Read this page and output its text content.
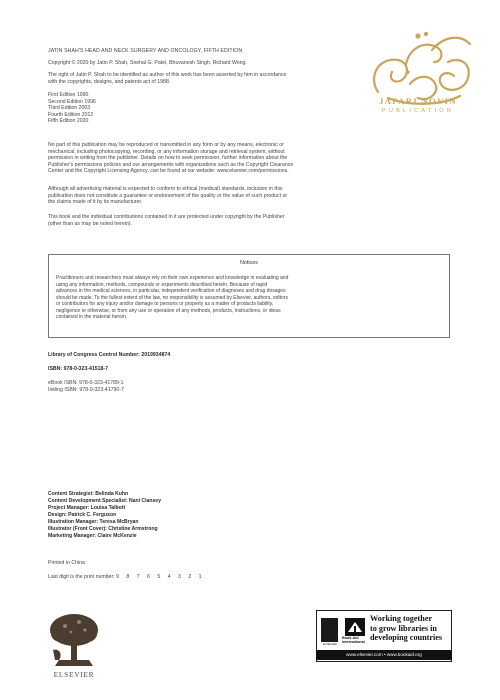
JATIN SHAH'S HEAD AND NECK SURGERY AND ONCOLOGY, FIFTH EDITION
Copyright © 2020 by Jatin P. Shah, Snehal G. Patel, Bhuvanesh Singh, Richard Wong.
The right of Jatin P. Shah to be identified as author of this work has been asserted by him in accordance
with the copyrights, designs, and patents act of 1988.
First Edition 1990
Second Edition 1996
Third Edition 2003
Fourth Edition 2012
Fifth Edition 2020
JAFARI NOVIN
PUBLICATION
No part of this publication may be reproduced or transmitted in any form or by any means, electronic or
mechanical, including photocopying, recording, or any information storage and retrieval system, without
permission in writing from the publisher. Details on how to seek permission, further information about the
Publisher's permissions policies and our arrangements with organizations such as the Copyright Clearance
Center and the Copyright Licensing Agency, can be found at our website: www.elsevier.com/permissions.
Although all advertising material is expected to conform to ethical (medical) standards, inclusion in this
publication does not constitute a guarantee or endorsement of the quality or the value of such product or
the claims made of it by its manufacturer.
This book and the individual contributions contained in it are protected under copyright by the Publisher
(other than as may be noted herein).
Notices
Practitioners and researchers must always rely on their own experience and knowledge in evaluating and
using any information, methods, compounds or experiments described herein. Because of rapid
advances in the medical sciences, in particular, independent verification of diagnoses and drug dosages
should be made. To the fullest extent of the law, no responsibility is assumed by Elsevier, authors, editors
or contributors for any injury and/or damage to persons or property as a matter of products liability,
negligence or otherwise, or from any use or operation of any methods, products, instructions, or ideas
contained in the material herein.
Library of Congress Control Number: 2019934874
ISBN: 978-0-323-41518-7
eBook ISBN: 978-0-323-41789-1
Inkling ISBN: 978-0-323-41790-7
Content Strategist: Belinda Kuhn
Content Development Specialist: Nani Clansey
Project Manager: Louisa Talbott
Design: Patrick C. Ferguson
Illustration Manager: Teresa McBryan
Illustrator (Front Cover): Christine Armstrong
Marketing Manager: Claire McKenzie
Printed in China
Last digit is the print number: 9 8 7 6 5 4 3 2 1
ELSEVIER
ELSEVIER
Book Aid International
Working together
to grow libraries in
developing countries
www.elsevier.com • www.bookaid.org
